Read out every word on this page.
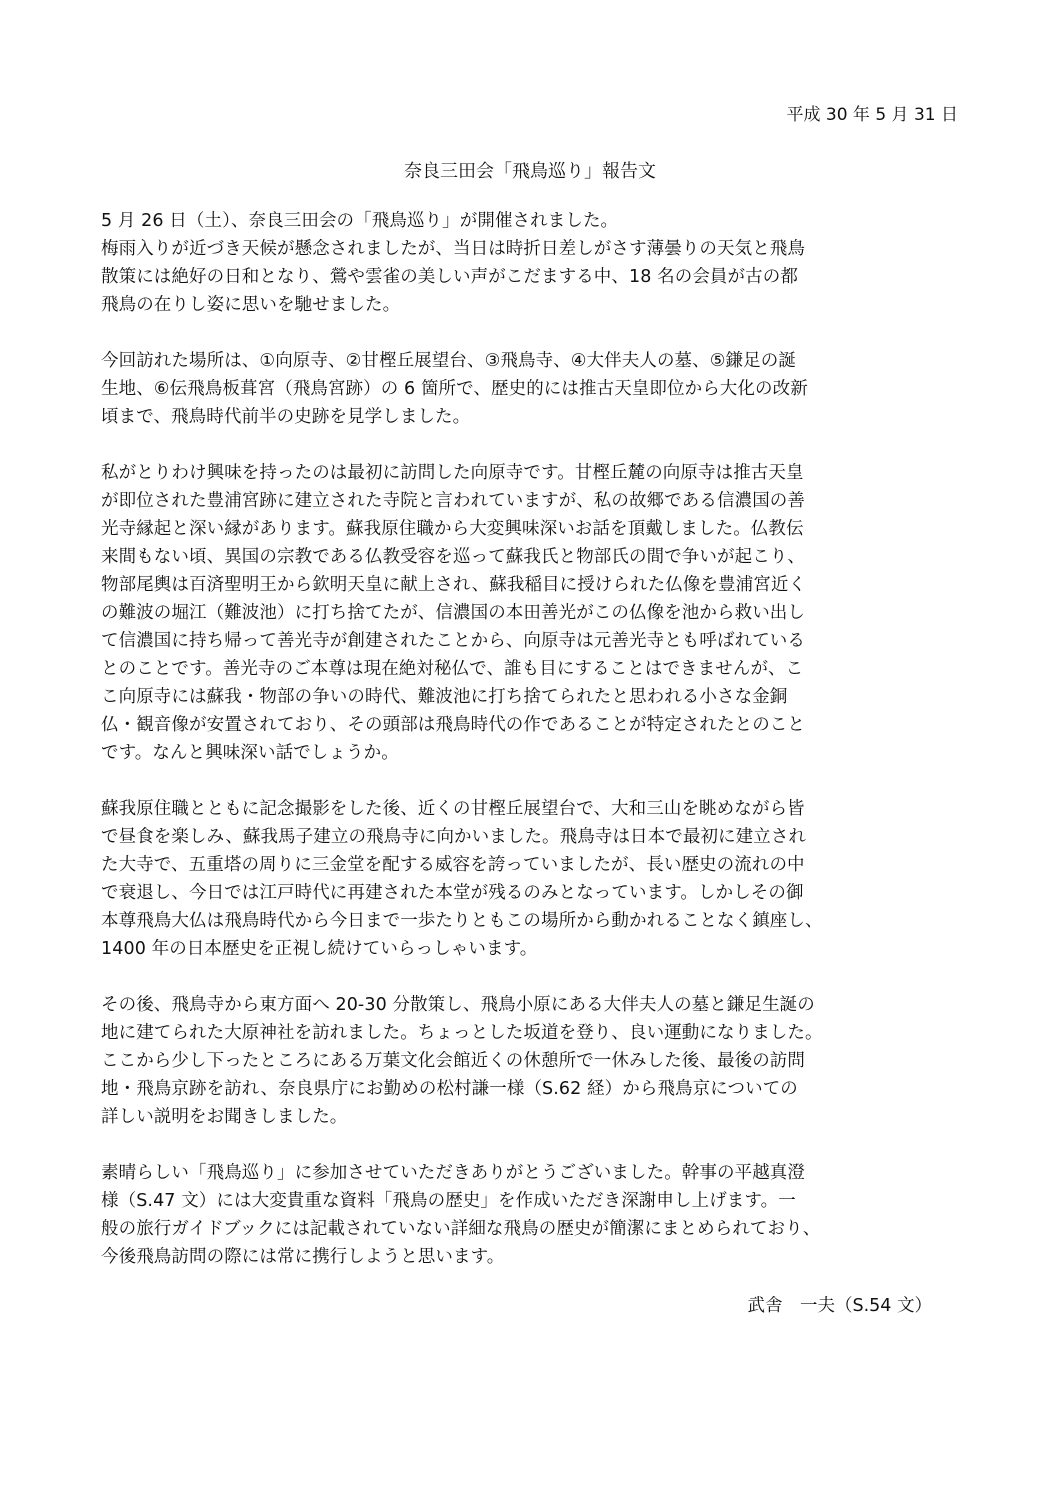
平成 30 年 5 月 31 日
奈良三田会「飛鳥巡り」報告文
5 月 26 日（土）、奈良三田会の「飛鳥巡り」が開催されました。
梅雨入りが近づき天候が懸念されましたが、当日は時折日差しがさす薄曇りの天気と飛鳥
散策には絶好の日和となり、鶯や雲雀の美しい声がこだまする中、18 名の会員が古の都
飛鳥の在りし姿に思いを馳せました。
今回訪れた場所は、①向原寺、②甘樫丘展望台、③飛鳥寺、④大伴夫人の墓、⑤鎌足の誕
生地、⑥伝飛鳥板葺宮（飛鳥宮跡）の 6 箇所で、歴史的には推古天皇即位から大化の改新
頃まで、飛鳥時代前半の史跡を見学しました。
私がとりわけ興味を持ったのは最初に訪問した向原寺です。甘樫丘麓の向原寺は推古天皇
が即位された豊浦宮跡に建立された寺院と言われていますが、私の故郷である信濃国の善
光寺縁起と深い縁があります。蘇我原住職から大変興味深いお話を頂戴しました。仏教伝
来間もない頃、異国の宗教である仏教受容を巡って蘇我氏と物部氏の間で争いが起こり、
物部尾輿は百済聖明王から欽明天皇に献上され、蘇我稲目に授けられた仏像を豊浦宮近く
の難波の堀江（難波池）に打ち捨てたが、信濃国の本田善光がこの仏像を池から救い出し
て信濃国に持ち帰って善光寺が創建されたことから、向原寺は元善光寺とも呼ばれている
とのことです。善光寺のご本尊は現在絶対秘仏で、誰も目にすることはできませんが、こ
こ向原寺には蘇我・物部の争いの時代、難波池に打ち捨てられたと思われる小さな金銅
仏・観音像が安置されており、その頭部は飛鳥時代の作であることが特定されたとのこと
です。なんと興味深い話でしょうか。
蘇我原住職とともに記念撮影をした後、近くの甘樫丘展望台で、大和三山を眺めながら皆
で昼食を楽しみ、蘇我馬子建立の飛鳥寺に向かいました。飛鳥寺は日本で最初に建立され
た大寺で、五重塔の周りに三金堂を配する威容を誇っていましたが、長い歴史の流れの中
で衰退し、今日では江戸時代に再建された本堂が残るのみとなっています。しかしその御
本尊飛鳥大仏は飛鳥時代から今日まで一歩たりともこの場所から動かれることなく鎮座し、
1400 年の日本歴史を正視し続けていらっしゃいます。
その後、飛鳥寺から東方面へ 20-30 分散策し、飛鳥小原にある大伴夫人の墓と鎌足生誕の
地に建てられた大原神社を訪れました。ちょっとした坂道を登り、良い運動になりました。
ここから少し下ったところにある万葉文化会館近くの休憩所で一休みした後、最後の訪問
地・飛鳥京跡を訪れ、奈良県庁にお勤めの松村謙一様（S.62 経）から飛鳥京についての
詳しい説明をお聞きしました。
素晴らしい「飛鳥巡り」に参加させていただきありがとうございました。幹事の平越真澄
様（S.47 文）には大変貴重な資料「飛鳥の歴史」を作成いただき深謝申し上げます。一
般の旅行ガイドブックには記載されていない詳細な飛鳥の歴史が簡潔にまとめられており、
今後飛鳥訪問の際には常に携行しようと思います。
武舎　一夫（S.54 文）
